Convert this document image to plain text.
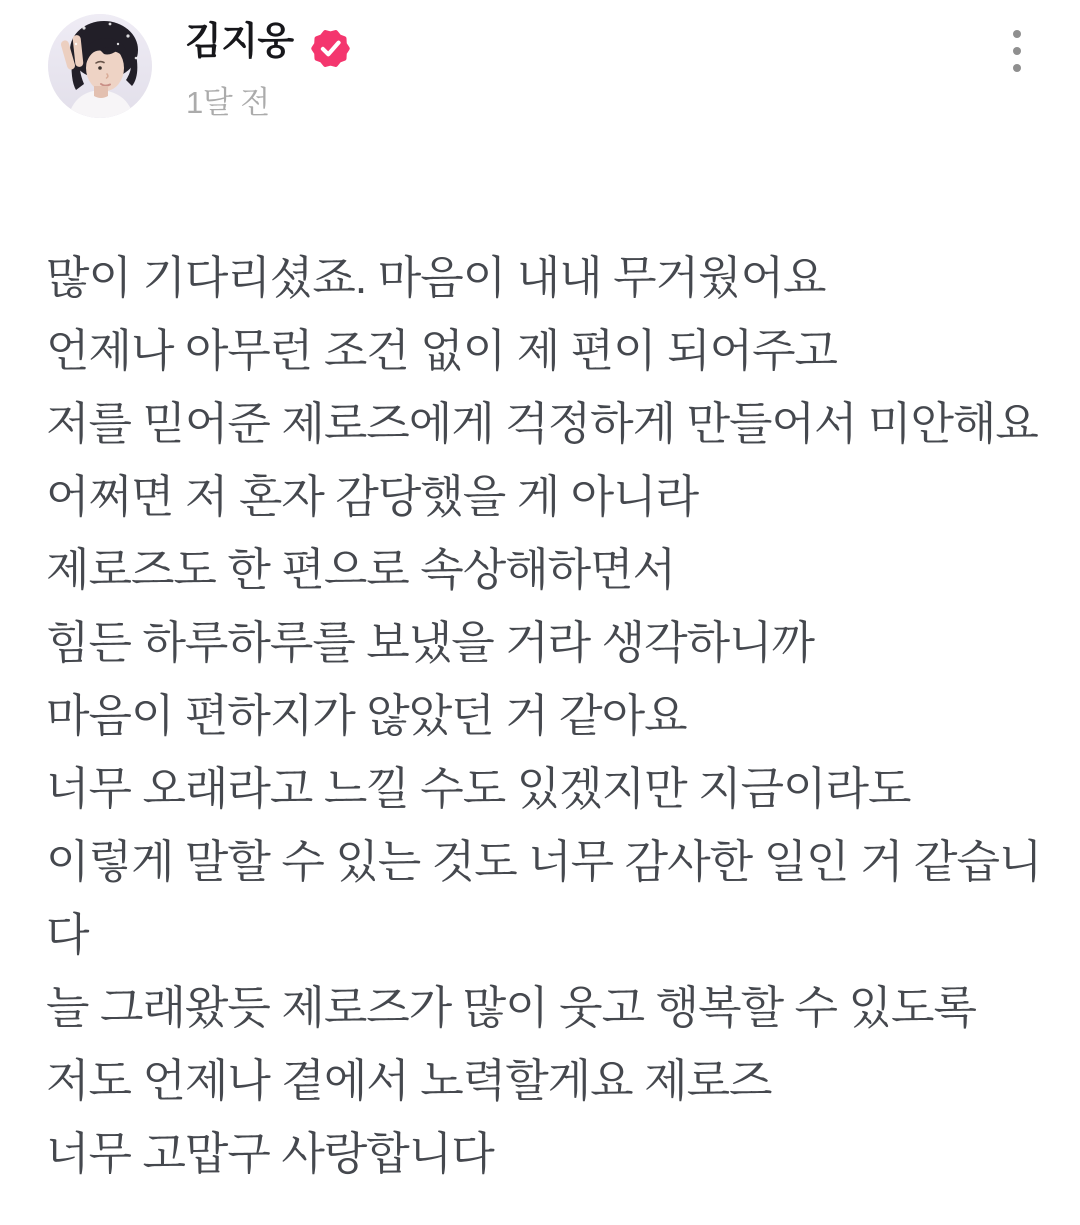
김지웅
1달 전
많이 기다리셨죠. 마음이 내내 무거웠어요
언제나 아무런 조건 없이 제 편이 되어주고
저를 믿어준 제로즈에게 걱정하게 만들어서 미안해요
어쩌면 저 혼자 감당했을 게 아니라
제로즈도 한 편으로 속상해하면서
힘든 하루하루를 보냈을 거라 생각하니까
마음이 편하지가 않았던 거 같아요
너무 오래라고 느낄 수도 있겠지만 지금이라도
이렇게 말할 수 있는 것도 너무 감사한 일인 거 같습니
다
늘 그래왔듯 제로즈가 많이 웃고 행복할 수 있도록
저도 언제나 곁에서 노력할게요 제로즈
너무 고맙구 사랑합니다
